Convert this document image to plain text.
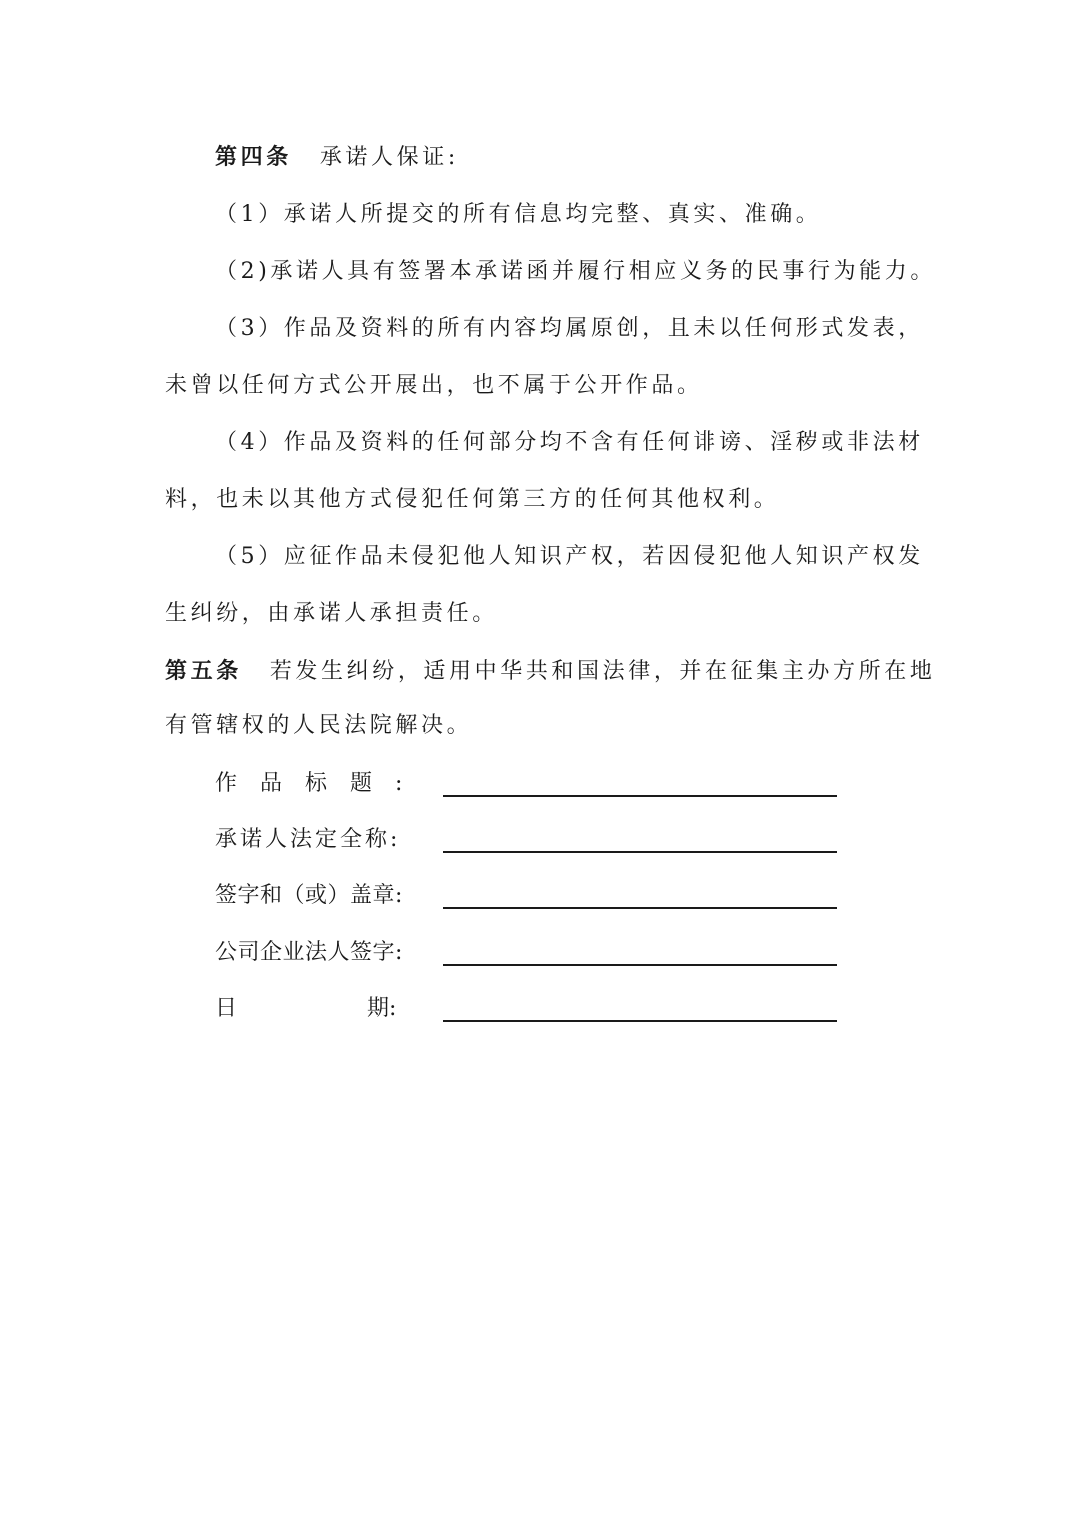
第四条 承诺人保证:
（1）承诺人所提交的所有信息均完整、真实、准确。
（2)承诺人具有签署本承诺函并履行相应义务的民事行为能力。
（3）作品及资料的所有内容均属原创，且未以任何形式发表，
未曾以任何方式公开展出，也不属于公开作品。
（4）作品及资料的任何部分均不含有任何诽谤、淫秽或非法材
料，也未以其他方式侵犯任何第三方的任何其他权利。
（5）应征作品未侵犯他人知识产权，若因侵犯他人知识产权发
生纠纷，由承诺人承担责任。
第五条 若发生纠纷，适用中华共和国法律，并在征集主办方所在地
有管辖权的人民法院解决。
作品标题:
承诺人法定全称:
签字和（或）盖章:
公司企业法人签字:
日	期:
